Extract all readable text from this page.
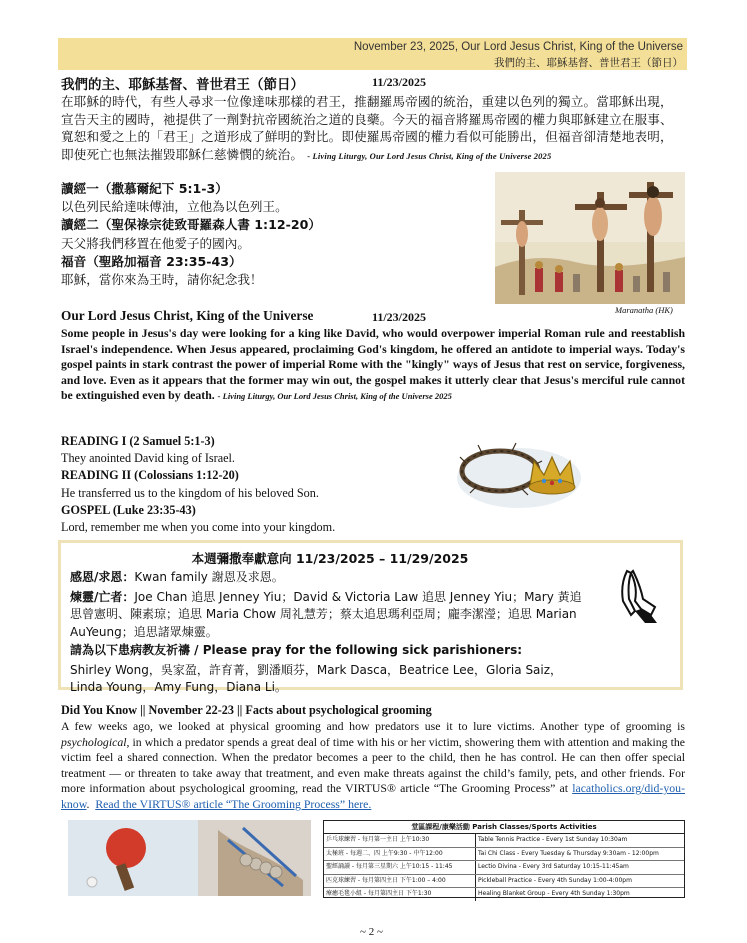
November 23, 2025, Our Lord Jesus Christ, King of the Universe
我們的主、耶穌基督、普世君王（節日）
我們的主、耶穌基督、普世君王（節日）	11/23/2025
在耶穌的時代，有些人尋求一位像達味那樣的君王，推翻羅馬帝國的統治，重建以色列的獨立。當耶穌出現，宣告天主的國時，祂提供了一劑對抗帝國統治之道的良藥。今天的福音將羅馬帝國的權力與耶穌建立在服事、寬恕和愛之上的「君王」之道形成了鮮明的對比。即使羅馬帝國的權力看似可能勝出，但福音卻清楚地表明，即使死亡也無法摧毀耶穌仁慈憐憫的統治。 - Living Liturgy, Our Lord Jesus Christ, King of the Universe 2025
讀經一（撒慕爾紀下 5:1-3）
以色列民給達味傅油，立他為以色列王。
讀經二（聖保祿宗徒致哥羅森人書 1:12-20）
天父將我們移置在他愛子的國內。
福音（聖路加福音 23:35-43）
耶穌，當你來為王時，請你紀念我！
Maranatha (HK)
Our Lord Jesus Christ, King of the Universe	11/23/2025
Some people in Jesus's day were looking for a king like David, who would overpower imperial Roman rule and reestablish Israel's independence. When Jesus appeared, proclaiming God's kingdom, he offered an antidote to imperial ways. Today's gospel paints in stark contrast the power of imperial Rome with the "kingly" ways of Jesus that rest on service, forgiveness, and love. Even as it appears that the former may win out, the gospel makes it utterly clear that Jesus's merciful rule cannot be extinguished even by death. - Living Liturgy, Our Lord Jesus Christ, King of the Universe 2025
READING I (2 Samuel 5:1-3)
They anointed David king of Israel.
READING II (Colossians 1:12-20)
He transferred us to the kingdom of his beloved Son.
GOSPEL (Luke 23:35-43)
Lord, remember me when you come into your kingdom.
本週彌撒奉獻意向 11/23/2025 – 11/29/2025

感恩/求恩：Kwan family 謝恩及求恩。

煉靈/亡者：Joe Chan 追思 Jenney Yiu；David & Victoria Law 追思 Jenney Yiu；Mary 黃追思曾憲明、陳素琼；追思 Maria Chow 周礼慧芳；蔡太追思瑪利亞周；龐李潔瀅；追思 Marian AuYeung；追思諸眾煉靈。

請為以下患病教友祈禱 / Please pray for the following sick parishioners:

Shirley Wong，吳家盈，許育菁，劉潘順芬，Mark Dasca，Beatrice Lee，Gloria Saiz，Linda Young，Amy Fung，Diana Li。

Did You Know || November 22-23 || Facts about psychological grooming
A few weeks ago, we looked at physical grooming and how predators use it to lure victims. Another type of grooming is psychological, in which a predator spends a great deal of time with his or her victim, showering them with attention and making the victim feel a shared connection. When the predator becomes a peer to the child, then he has control. He can then offer special treatment — or threaten to take away that treatment, and even make threats against the child’s family, pets, and other friends. For more information about psychological grooming, read the VIRTUS® article “The Grooming Process” at lacatholics.org/did-you-know.  Read the VIRTUS® article “The Grooming Process” here.
堂區課程/康樂活動 Parish Classes/Sports Activities
乒乓球練習 - 每月第一主日 上午10:30	Table Tennis Practice - Every 1st Sunday 10:30am
太極班 - 每週二、四 上午9:30 - 中午12:00	Tai Chi Class - Every Tuesday & Thursday 9:30am - 12:00pm
聖經誦讀 - 每月第三星期六 上午10:15 - 11:45	Lectio Divina - Every 3rd Saturday 10:15-11:45am
匹克球練習 - 每月第四主日 下午1:00 – 4:00	Pickleball Practice - Every 4th Sunday 1:00-4:00pm
療癒毛毯小組 - 每月第四主日 下午1:30	Healing Blanket Group - Every 4th Sunday 1:30pm
~ 2 ~
